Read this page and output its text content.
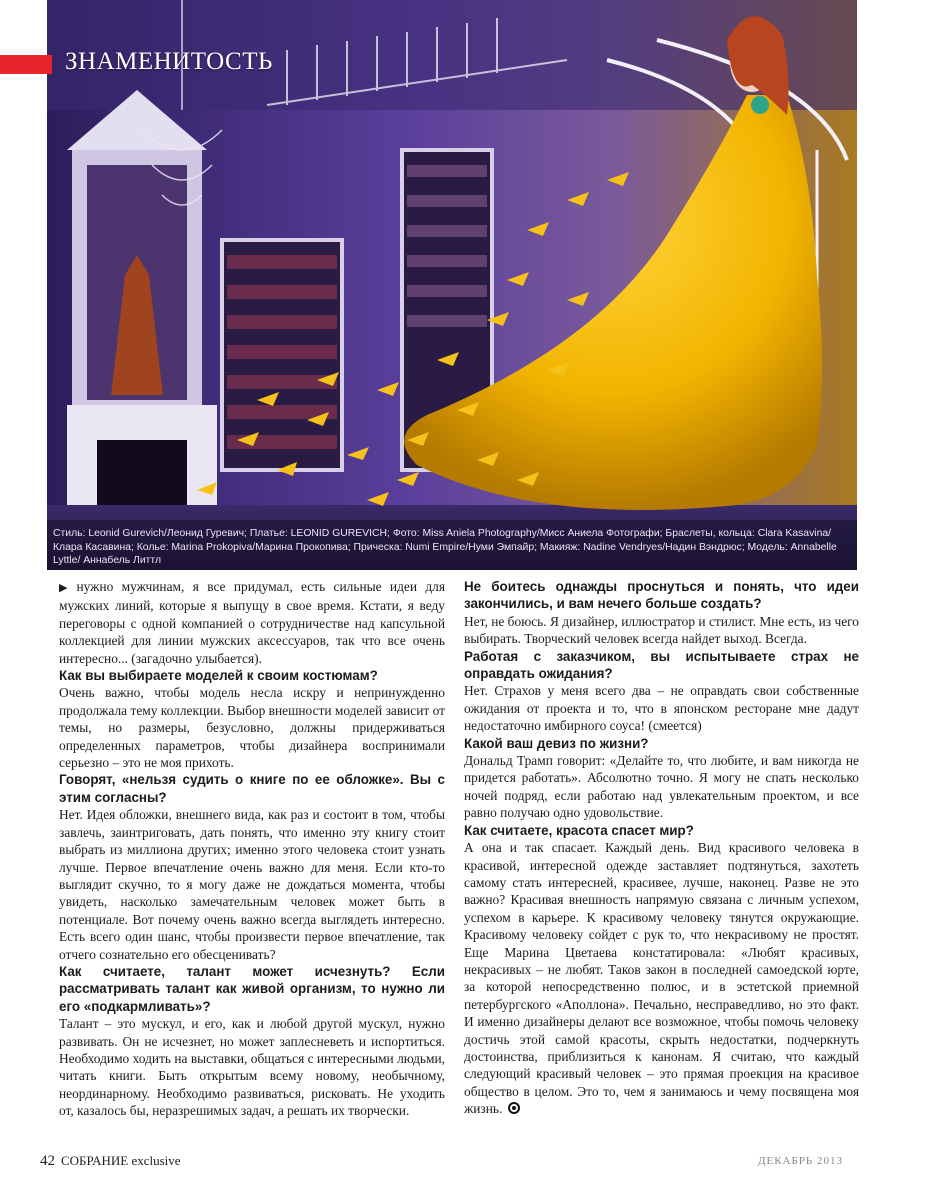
Стиль: Leonid Gurevich/Леонид Гуревич; Платье: LEONID GUREVICH; Фото: Miss Aniela Photography/Мисс Аниела Фотографи; Браслеты, кольца: Clara Kasavina/Клара Касавина; Колье: Marina Prokopiva/Марина Прокопива; Прическа: Numi Empire/Нуми Эмпайр; Макияж: Nadine Vendryes/Надин Вэндрюс; Модель: Annabelle Lyttle/ Аннабель Литтл
ЗНАМЕНИТОСТЬ

▶ нужно мужчинам, я все придумал, есть сильные идеи для мужских линий, которые я выпущу в свое время. Кстати, я веду переговоры с одной компанией о сотрудничестве над капсульной коллекцией для линии мужских аксессуаров, так что все очень интересно... (загадочно улыбается).

Как вы выбираете моделей к своим костюмам?

Очень важно, чтобы модель несла искру и непринужденно продолжала тему коллекции. Выбор внешности моделей зависит от темы, но размеры, безусловно, должны придерживаться определенных параметров, чтобы дизайнера воспринимали серьезно – это не моя прихоть.

Говорят, «нельзя судить о книге по ее обложке». Вы с этим согласны?

Нет. Идея обложки, внешнего вида, как раз и состоит в том, чтобы завлечь, заинтриговать, дать понять, что именно эту книгу стоит выбрать из миллиона других; именно этого человека стоит узнать лучше. Первое впечатление очень важно для меня. Если кто-то выглядит скучно, то я могу даже не дождаться момента, чтобы увидеть, насколько замечательным человек может быть в потенциале. Вот почему очень важно всегда выглядеть интересно. Есть всего один шанс, чтобы произвести первое впечатление, так отчего сознательно его обесценивать?

Как считаете, талант может исчезнуть? Если рассматривать талант как живой организм, то нужно ли его «подкармливать»?

Талант – это мускул, и его, как и любой другой мускул, нужно развивать. Он не исчезнет, но может заплесневеть и испортиться. Необходимо ходить на выставки, общаться с интересными людьми, читать книги. Быть открытым всему новому, необычному, неординарному. Необходимо развиваться, рисковать. Не уходить от, казалось бы, неразрешимых задач, а решать их творчески.

Не боитесь однажды проснуться и понять, что идеи закончились, и вам нечего больше создать?

Нет, не боюсь. Я дизайнер, иллюстратор и стилист. Мне есть, из чего выбирать. Творческий человек всегда найдет выход. Всегда.

Работая с заказчиком, вы испытываете страх не оправдать ожидания?

Нет. Страхов у меня всего два – не оправдать свои собственные ожидания от проекта и то, что в японском ресторане мне дадут недостаточно имбирного соуса! (смеется)

Какой ваш девиз по жизни?

Дональд Трамп говорит: «Делайте то, что любите, и вам никогда не придется работать». Абсолютно точно. Я могу не спать несколько ночей подряд, если работаю над увлекательным проектом, и все равно получаю одно удовольствие.

Как считаете, красота спасет мир?

А она и так спасает. Каждый день. Вид красивого человека в красивой, интересной одежде заставляет подтянуться, захотеть самому стать интересней, красивее, лучше, наконец. Разве не это важно? Красивая внешность напрямую связана с личным успехом, успехом в карьере. К красивому человеку тянутся окружающие. Красивому человеку сойдет с рук то, что некрасивому не простят. Еще Марина Цветаева констатировала: «Любят красивых, некрасивых – не любят. Таков закон в последней самоедской юрте, за которой непосредственно полюс, и в эстетской приемной петербургского «Аполлона». Печально, несправедливо, но это факт. И именно дизайнеры делают все возможное, чтобы помочь человеку достичь этой самой красоты, скрыть недостатки, подчеркнуть достоинства, приблизиться к канонам. Я считаю, что каждый следующий красивый человек – это прямая проекция на красивое общество в целом. Это то, чем я занимаюсь и чему посвящена моя жизнь.

42 СОБРАНИЕ exclusive	ДЕКАБРЬ 2013
